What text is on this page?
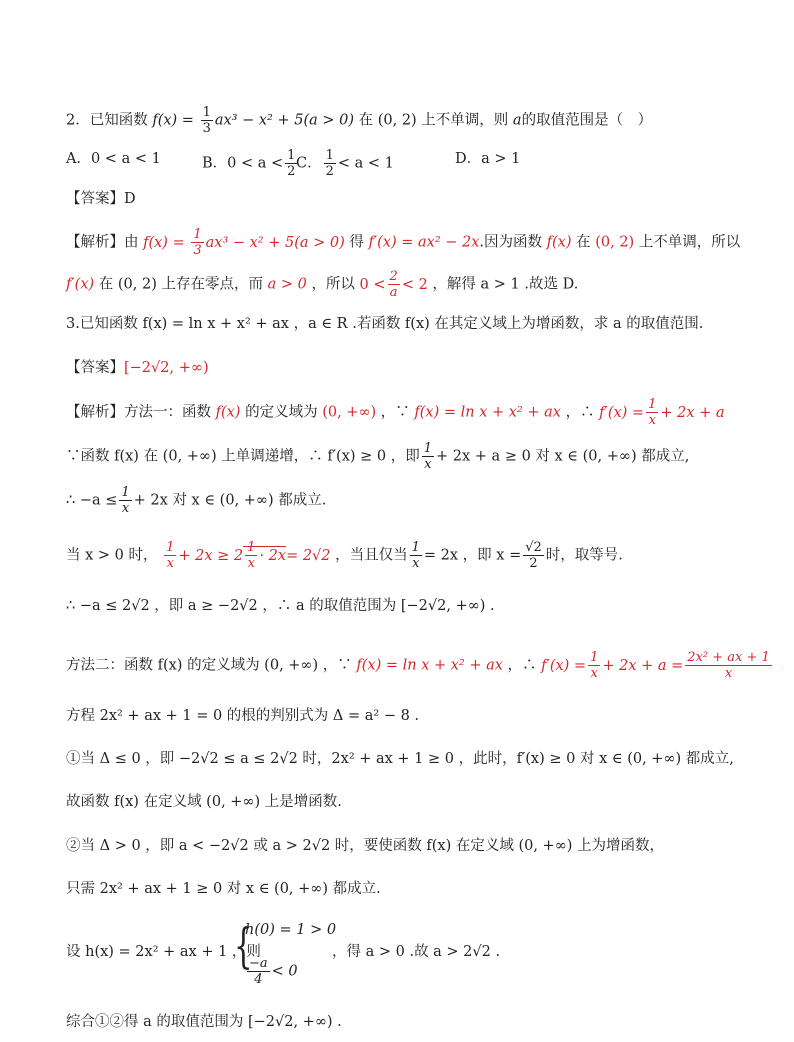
2．已知函数 $f(x) = \frac{1}{3} ax^3 - x^2 + 5(a > 0)$ 在 (0, 2) 上不单调，则 a的取值范围是（　）
A．0 < a < 1	B．$0 < a < \frac{1}{2}$
C． $\frac{1}{2} < a < 1$	D．a > 1
【答案】D
【解析】由 $f(x) = \frac{1}{3} ax^3 - x^2 + 5(a > 0)$ 得 f′(x) = ax² − 2x.因为函数 f(x) 在 (0, 2) 上不单调，所以
f′(x) 在 (0, 2) 上存在零点，而 a > 0 ，所以 $0 < \frac{2}{a} < 2$ ，解得 a > 1 .故选 D.
3.已知函数 f(x) = ln x + x² + ax ，a ∈ R .若函数 f(x) 在其定义域上为增函数，求 a 的取值范围.
【答案】[−2√2, +∞)
【解析】方法一：函数 f(x) 的定义域为 (0, +∞) ，∵ f(x) = ln x + x² + ax ，∴ $f'(x) = \frac{1}{x} + 2x + a$
∵函数 f(x) 在 (0, +∞) 上单调递增，∴ f′(x) ≥ 0 ，即 $\frac{1}{x} + 2x + a \ge 0$ 对 x ∈ (0, +∞) 都成立,
∴ $-a \le \frac{1}{x} + 2x$ 对 x ∈ (0, +∞) 都成立.
当 x > 0 时， $\frac{1}{x} + 2x \ge 2 \frac{1}{x} \cdot 2x= 2√2$ ，当且仅当 $\frac{1}{x} = 2x$ ，即 $x = \frac{√2}{2}$ 时，取等号.
∴ −a ≤ 2√2 ，即 a ≥ −2√2 ，∴ a 的取值范围为 [−2√2, +∞) .
方法二：函数 f(x) 的定义域为 (0, +∞) ，∵ f(x) = ln x + x² + ax ，∴ $f'(x) = \frac{1}{x} + 2x + a = \frac{\text{2x² + ax + 1}}{x}$
方程 2x² + ax + 1 = 0 的根的判别式为 Δ = a² − 8 .
①当 Δ ≤ 0 ，即 −2√2 ≤ a ≤ 2√2 时，2x² + ax + 1 ≥ 0 ，此时，f′(x) ≥ 0 对 x ∈ (0, +∞) 都成立,
故函数 f(x) 在定义域 (0, +∞) 上是增函数.
②当 Δ > 0 ，即 a < −2√2 或 a > 2√2 时，要使函数 f(x) 在定义域 (0, +∞) 上为增函数，
只需 2x² + ax + 1 ≥ 0 对 x ∈ (0, +∞) 都成立.
设 h(x) = 2x² + ax + 1 ，则
{
h(0) = 1 > 0
$\frac{-a}{4} < 0$
，得 a > 0 .故 a > 2√2 .
综合①②得 a 的取值范围为 [−2√2, +∞) .
